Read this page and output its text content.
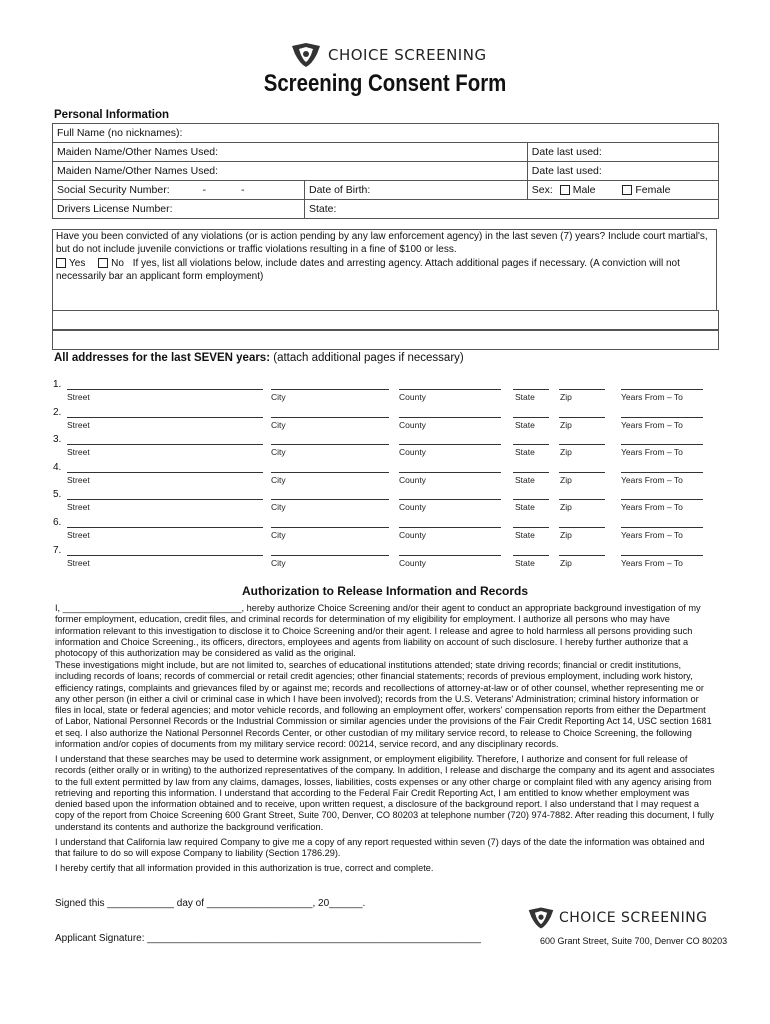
CHOICE SCREENING
Screening Consent Form
Personal Information
Full Name (no nicknames):		
Maiden Name/Other Names Used:		Date last used:
Maiden Name/Other Names Used:		Date last used:
Social Security Number: - -	Date of Birth:	Sex: Male Female
Drivers License Number:	State:	
Have you been convicted of any violations (or is action pending by any law enforcement agency) in the last seven (7) years? Include court martial's, but do not include juvenile convictions or traffic violations resulting in a fine of $100 or less.
Yes	No If yes, list all violations below, include dates and arresting agency. Attach additional pages if necessary. (A conviction will not necessarily bar an applicant form employment)
All addresses for the last SEVEN years: (attach additional pages if necessary)
1.
Street	City	County	State	Zip	Years From – To
2.
Street	City	County	State	Zip	Years From – To
3.
Street	City	County	State	Zip	Years From – To
4.
Street	City	County	State	Zip	Years From – To
5.
Street	City	County	State	Zip	Years From – To
6.
Street	City	County	State	Zip	Years From – To
7.
Street	City	County	State	Zip	Years From – To
Authorization to Release Information and Records
I, ___________________________________, hereby authorize Choice Screening and/or their agent to conduct an appropriate background investigation of my former employment, education, credit files, and criminal records for determination of my eligibility for employment. I authorize all persons who may have information relevant to this investigation to disclose it to Choice Screening and/or their agent. I release and agree to hold harmless all persons providing such information and Choice Screening., its officers, directors, employees and agents from liability on account of such disclosure. I hereby further authorize that a photocopy of this authorization may be considered as valid as the original.
These investigations might include, but are not limited to, searches of educational institutions attended; state driving records; financial or credit institutions, including records of loans; records of commercial or retail credit agencies; other financial statements; records of previous employment, including work history, efficiency ratings, complaints and grievances filed by or against me; records and recollections of attorney-at-law or of other counsel, whether representing me or any other person (in either a civil or criminal case in which I have been involved); records from the U.S. Veterans' Administration; criminal history information or files in local, state or federal agencies; and motor vehicle records, and following an employment offer, workers' compensation reports from either the Department of Labor, National Personnel Records or the Industrial Commission or similar agencies under the provisions of the Fair Credit Reporting Act 14, USC section 1681 et seq. I also authorize the National Personnel Records Center, or other custodian of my military service record, to release to Choice Screening, the following information and/or copies of documents from my military service record: 00214, service record, and any disciplinary records.
I understand that these searches may be used to determine work assignment, or employment eligibility. Therefore, I authorize and consent for full release of records (either orally or in writing) to the authorized representatives of the company. In addition, I release and discharge the company and its agent and associates to the full extent permitted by law from any claims, damages, losses, liabilities, costs expenses or any other charge or complaint filed with any agency arising from retrieving and reporting this information. I understand that according to the Federal Fair Credit Reporting Act, I am entitled to know whether employment was denied based upon the information obtained and to receive, upon written request, a disclosure of the background report. I also understand that I may request a copy of the report from Choice Screening 600 Grant Street, Suite 700, Denver, CO 80203 at telephone number (720) 974-7882. After reading this document, I fully understand its contents and authorize the background verification.
I understand that California law required Company to give me a copy of any report requested within seven (7) days of the date the information was obtained and that failure to do so will expose Company to liability (Section 1786.29).
I hereby certify that all information provided in this authorization is true, correct and complete.
Signed this ____________ day of ___________________, 20______.
Applicant Signature: ____________________________________________________________
CHOICE SCREENING
600 Grant Street, Suite 700, Denver CO 80203
